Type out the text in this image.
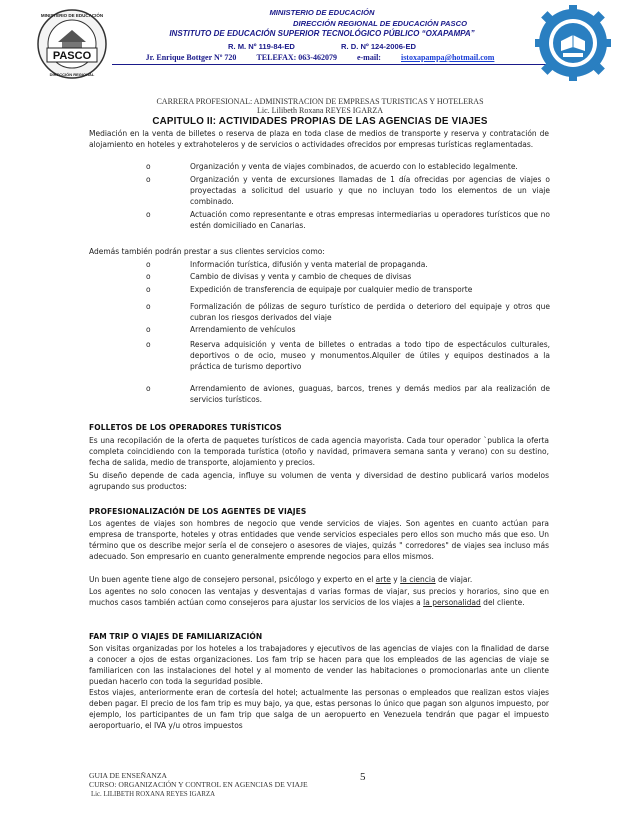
PASCO
MINISTERIO DE EDUCACIÓN
DIRECCIÓN REGIONAL
MINISTERIO DE EDUCACIÓN
DIRECCIÓN REGIONAL DE EDUCACIÓN PASCO
INSTITUTO DE EDUCACIÓN SUPERIOR TECNOLÓGICO PÚBLICO “OXAPAMPA”
R. M. Nº 119-84-ED	R. D. Nº 124-2006-ED
Jr. Enrique Bottger Nº 720	TELEFAX: 063-462079	e-mail:	istoxapampa@hotmail.com
CARRERA PROFESIONAL: ADMINISTRACION DE EMPRESAS TURISTICAS Y HOTELERAS
Lic. Lilibeth Roxana REYES IGARZA
CAPITULO II: ACTIVIDADES PROPIAS DE LAS AGENCIAS DE VIAJES
Mediación en la venta de billetes o reserva de plaza en toda clase de medios de transporte y reserva y contratación de alojamiento en hoteles y extrahoteleros y de servicios o actividades ofrecidos por empresas turísticas reglamentadas.
o	Organización y venta de viajes combinados, de acuerdo con lo establecido legalmente.
o	Organización y venta de excursiones llamadas de 1 día ofrecidas por agencias de viajes o proyectadas a solicitud del usuario y que no incluyan todo los elementos de un viaje combinado.
o	Actuación como representante e otras empresas intermediarias u operadores turísticos que no estén domiciliado en Canarias.
Además también podrán prestar a sus clientes servicios como:
o	Información turística, difusión y venta material de propaganda.
o	Cambio de divisas y venta y cambio de cheques de divisas
o	Expedición de transferencia de equipaje por cualquier medio de transporte
o	Formalización de pólizas de seguro turístico de perdida o deterioro del equipaje y otros que cubran los riesgos derivados del viaje
o	Arrendamiento de vehículos
o	Reserva adquisición y venta de billetes o entradas a todo tipo de espectáculos culturales, deportivos o de ocio, museo y monumentos.Alquiler de útiles y equipos destinados a la práctica de turismo deportivo
o	Arrendamiento de aviones, guaguas, barcos, trenes y demás medios par ala realización de servicios turísticos.
FOLLETOS DE LOS OPERADORES TURÍSTICOS
Es una recopilación de la oferta de paquetes turísticos de cada agencia mayorista. Cada tour operador `publica la oferta completa coincidiendo con la temporada turística (otoño y navidad, primavera semana santa y verano) con su destino, fecha de salida, medio de transporte, alojamiento y precios.
Su diseño depende de cada agencia, influye su volumen de venta y diversidad de destino publicará varios modelos agrupando sus productos:
PROFESIONALIZACIÓN DE LOS AGENTES DE VIAJES
Los agentes de viajes son hombres de negocio que vende servicios de viajes. Son agentes en cuanto actúan para empresa de transporte, hoteles y otras entidades que vende servicios especiales pero ellos son mucho más que eso. Un término que os describe mejor sería el de consejero o asesores de viajes, quizás " corredores" de viajes sea incluso más adecuado. Son empresario en cuanto generalmente emprende negocios para ellos mismos.
Un buen agente tiene algo de consejero personal, psicólogo y experto en el arte y la ciencia de viajar.
Los agentes no solo conocen las ventajas y desventajas d varias formas de viajar, sus precios y horarios, sino que en muchos casos también actúan como consejeros para ajustar los servicios de los viajes a la personalidad del cliente.
FAM TRIP O VIAJES DE FAMILIARIZACIÓN
Son visitas organizadas por los hoteles a los trabajadores y ejecutivos de las agencias de viajes con la finalidad de darse a conocer a ojos de estas organizaciones. Los fam trip se hacen para que los empleados de las agencias de viaje se familiaricen con las instalaciones del hotel y al momento de vender las habitaciones o promocionarlas ante un cliente puedan hacerlo con toda la seguridad posible.
Estos viajes, anteriormente eran de cortesía del hotel; actualmente las personas o empleados que realizan estos viajes deben pagar. El precio de los fam trip es muy bajo, ya que, estas personas lo único que pagan son algunos impuesto, por ejemplo, los participantes de un fam trip que salga de un aeropuerto en Venezuela tendrán que pagar el impuesto aeroportuario, el IVA y/u otros impuestos
GUIA DE ENSEÑANZA
CURSO: ORGANIZACIÓN Y CONTROL EN AGENCIAS DE VIAJE
Lic. LILIBETH ROXANA REYES IGARZA
5
